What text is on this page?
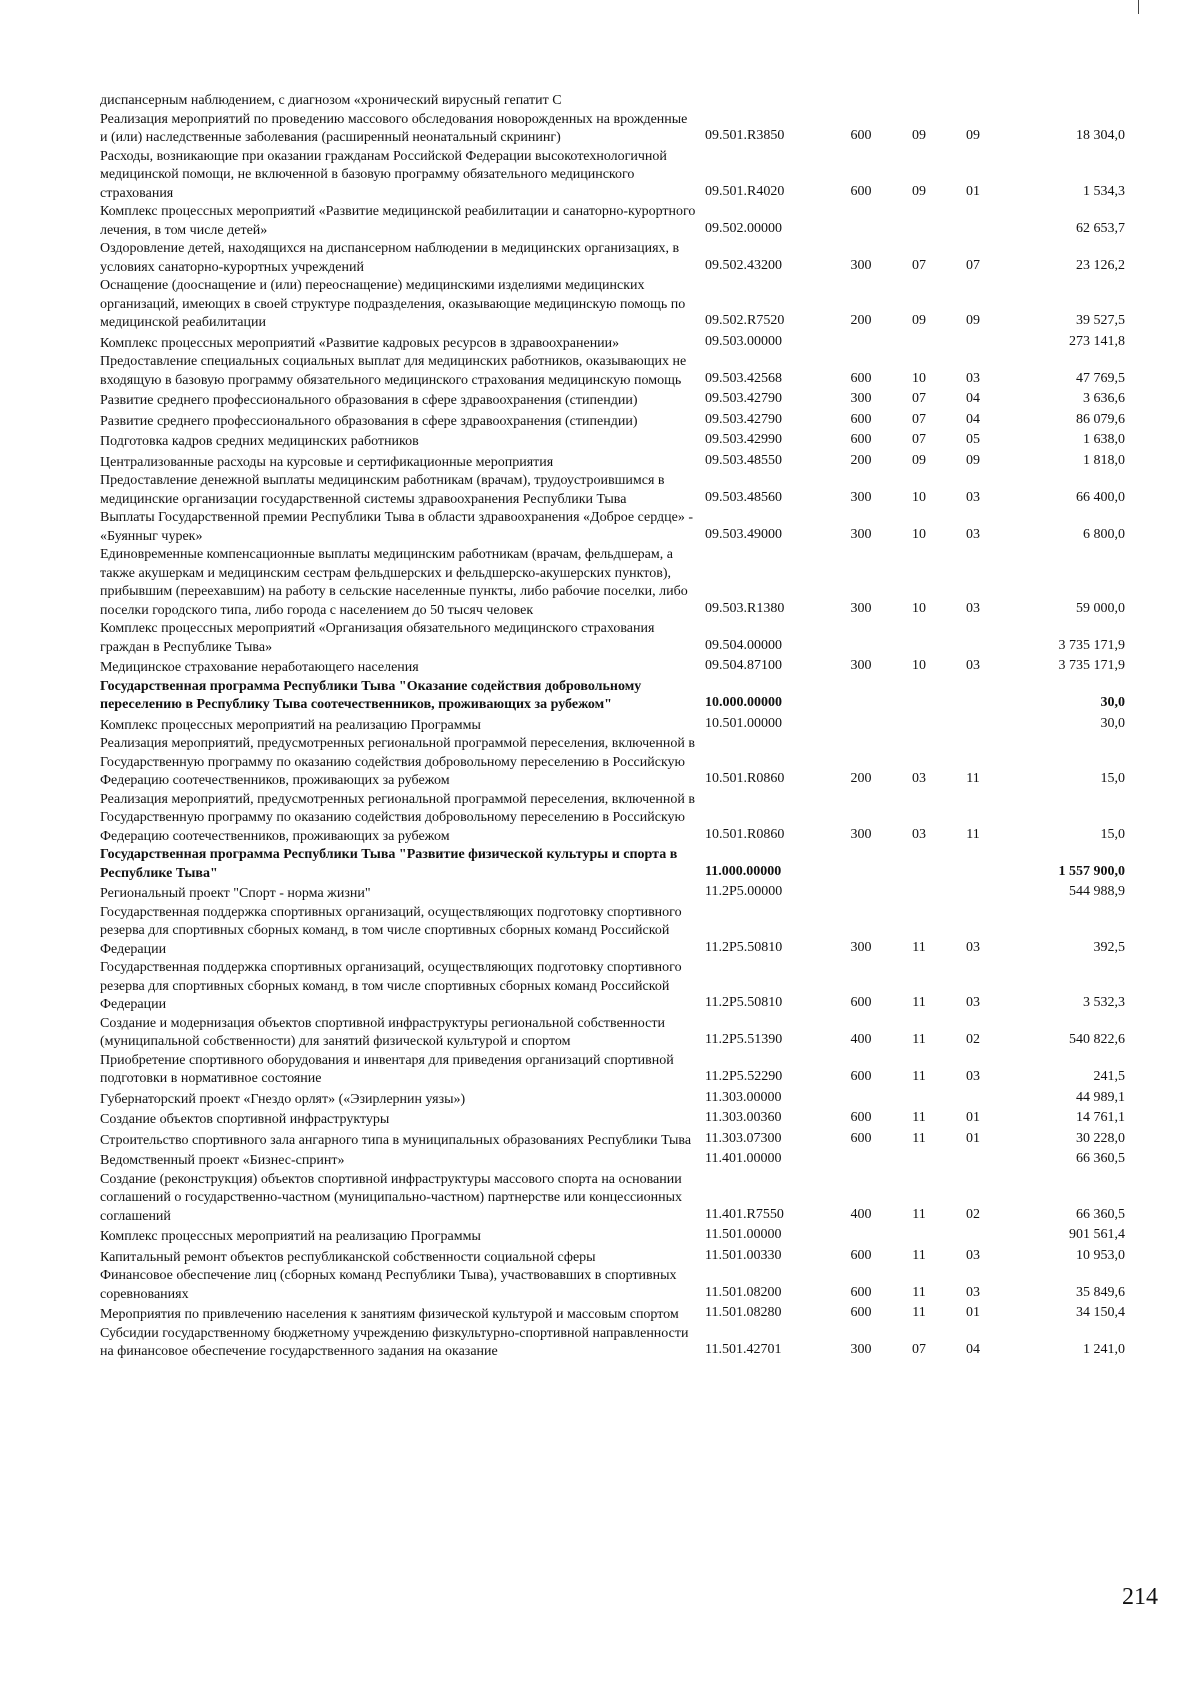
диспансерным наблюдением, с диагнозом «хронический вирусный гепатит С
Реализация мероприятий по проведению массового обследования новорожденных на врожденные и (или) наследственные заболевания (расширенный неонатальный скрининг)	09.501.R3850	600	09	09	18 304,0
Расходы, возникающие при оказании гражданам Российской Федерации высокотехнологичной медицинской помощи, не включенной в базовую программу обязательного медицинского страхования	09.501.R4020	600	09	01	1 534,3
Комплекс процессных мероприятий «Развитие медицинской реабилитации и санаторно-курортного лечения, в том числе детей»	09.502.00000	62 653,7
Оздоровление детей, находящихся на диспансерном наблюдении в медицинских организациях, в условиях санаторно-курортных учреждений	09.502.43200	300	07	07	23 126,2
Оснащение (дооснащение и (или) переоснащение) медицинскими изделиями медицинских организаций, имеющих в своей структуре подразделения, оказывающие медицинскую помощь по медицинской реабилитации	09.502.R7520	200	09	09	39 527,5
Комплекс процессных мероприятий «Развитие кадровых ресурсов в здравоохранении»	09.503.00000	273 141,8
Предоставление специальных социальных выплат для медицинских работников, оказывающих не входящую в базовую программу обязательного медицинского страхования медицинскую помощь	09.503.42568	600	10	03	47 769,5
Развитие среднего профессионального образования в сфере здравоохранения (стипендии)	09.503.42790	300	07	04	3 636,6
Развитие среднего профессионального образования в сфере здравоохранения (стипендии)	09.503.42790	600	07	04	86 079,6
Подготовка кадров средних медицинских работников	09.503.42990	600	07	05	1 638,0
Централизованные расходы на курсовые и сертификационные мероприятия	09.503.48550	200	09	09	1 818,0
Предоставление денежной выплаты медицинским работникам (врачам), трудоустроившимся в медицинские организации государственной системы здравоохранения Республики Тыва	09.503.48560	300	10	03	66 400,0
Выплаты Государственной премии Республики Тыва в области здравоохранения «Доброе сердце» - «Буянныг чурек»	09.503.49000	300	10	03	6 800,0
Единовременные компенсационные выплаты медицинским работникам (врачам, фельдшерам, а также акушеркам и медицинским сестрам фельдшерских и фельдшерско-акушерских пунктов), прибывшим (переехавшим) на работу в сельские населенные пункты, либо рабочие поселки, либо поселки городского типа, либо города с населением до 50 тысяч человек	09.503.R1380	300	10	03	59 000,0
Комплекс процессных мероприятий «Организация обязательного медицинского страхования граждан в Республике Тыва»	09.504.00000	3 735 171,9
Медицинское страхование неработающего населения	09.504.87100	300	10	03	3 735 171,9
Государственная программа Республики Тыва "Оказание содействия добровольному переселению в Республику Тыва соотечественников, проживающих за рубежом"	10.000.00000	30,0
Комплекс процессных мероприятий на реализацию Программы	10.501.00000	30,0
Реализация мероприятий, предусмотренных региональной программой переселения, включенной в Государственную программу по оказанию содействия добровольному переселению в Российскую Федерацию соотечественников, проживающих за рубежом	10.501.R0860	200	03	11	15,0
Реализация мероприятий, предусмотренных региональной программой переселения, включенной в Государственную программу по оказанию содействия добровольному переселению в Российскую Федерацию соотечественников, проживающих за рубежом	10.501.R0860	300	03	11	15,0
Государственная программа Республики Тыва "Развитие физической культуры и спорта в Республике Тыва"	11.000.00000	1 557 900,0
Региональный проект "Спорт - норма жизни"	11.2P5.00000	544 988,9
Государственная поддержка спортивных организаций, осуществляющих подготовку спортивного резерва для спортивных сборных команд, в том числе спортивных сборных команд Российской Федерации	11.2P5.50810	300	11	03	392,5
Государственная поддержка спортивных организаций, осуществляющих подготовку спортивного резерва для спортивных сборных команд, в том числе спортивных сборных команд Российской Федерации	11.2P5.50810	600	11	03	3 532,3
Создание и модернизация объектов спортивной инфраструктуры региональной собственности (муниципальной собственности) для занятий физической культурой и спортом	11.2P5.51390	400	11	02	540 822,6
Приобретение спортивного оборудования и инвентаря для приведения организаций спортивной подготовки в нормативное состояние	11.2P5.52290	600	11	03	241,5
Губернаторский проект «Гнездо орлят» («Эзирлернин уязы»)	11.303.00000	44 989,1
Создание объектов спортивной инфраструктуры	11.303.00360	600	11	01	14 761,1
Строительство спортивного зала ангарного типа в муниципальных образованиях Республики Тыва 11.303.07300	600	11	01	30 228,0
Ведомственный проект «Бизнес-спринт»	11.401.00000	66 360,5
Создание (реконструкция) объектов спортивной инфраструктуры массового спорта на основании соглашений о государственно-частном (муниципально-частном) партнерстве или концессионных соглашений	11.401.R7550	400	11	02	66 360,5
Комплекс процессных мероприятий на реализацию Программы	11.501.00000	901 561,4
Капитальный ремонт объектов республиканской собственности социальной сферы	11.501.00330	600	11	03	10 953,0
Финансовое обеспечение лиц (сборных команд Республики Тыва), участвовавших в спортивных соревнованиях	11.501.08200	600	11	03	35 849,6
Мероприятия по привлечению населения к занятиям физической культурой и массовым спортом	11.501.08280	600	11	01	34 150,4
Субсидии государственному бюджетному учреждению физкультурно-спортивной направленности на финансовое обеспечение государственного задания на оказание	11.501.42701	300	07	04	1 241,0
214
